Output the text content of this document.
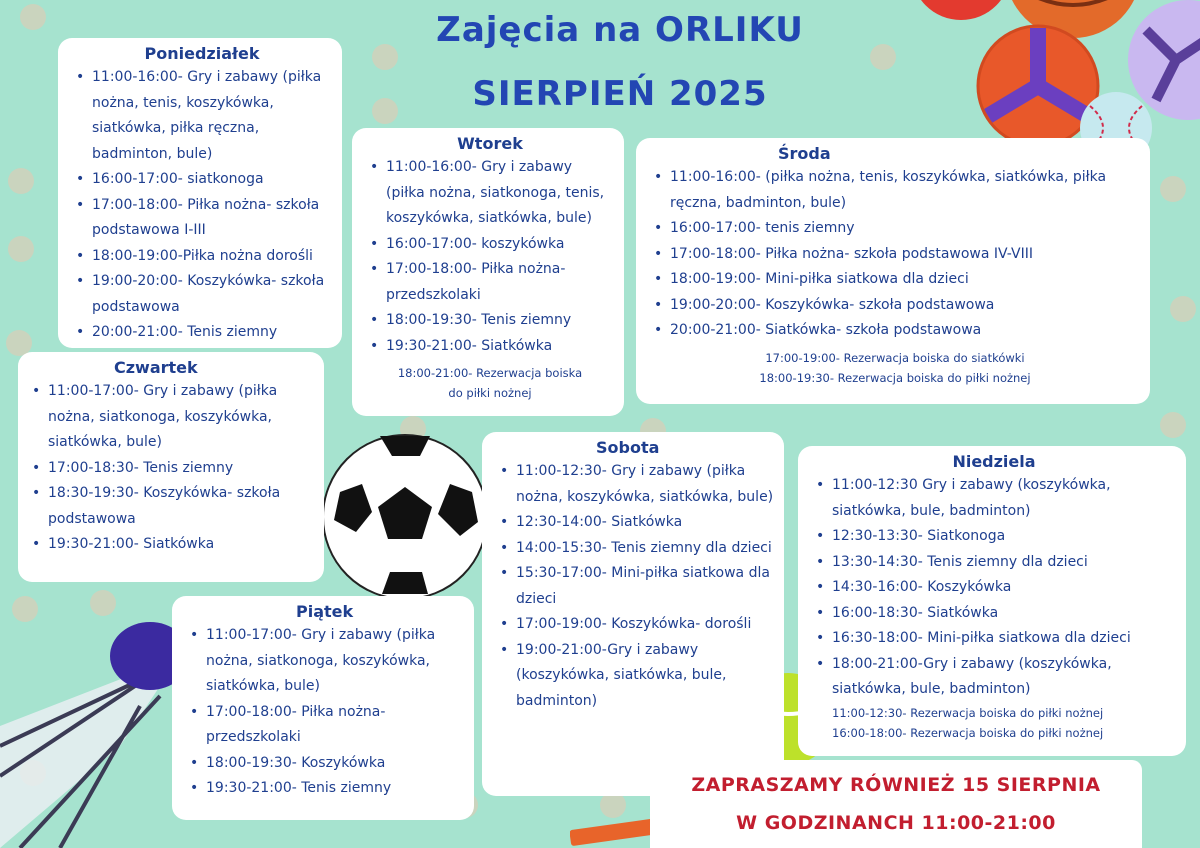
Zajęcia na ORLIKU
SIERPIEŃ 2025
Poniedziałek
• 11:00-16:00- Gry i zabawy (piłka nożna, tenis, koszykówka, siatkówka, piłka ręczna, badminton, bule)
• 16:00-17:00- siatkonoga
• 17:00-18:00- Piłka nożna- szkoła podstawowa I-III
• 18:00-19:00-Piłka nożna dorośli
• 19:00-20:00- Koszykówka- szkoła podstawowa
• 20:00-21:00- Tenis ziemny
Wtorek
• 11:00-16:00- Gry i zabawy (piłka nożna, siatkonoga, tenis, koszykówka, siatkówka, bule)
• 16:00-17:00- koszykówka
• 17:00-18:00- Piłka nożna- przedszkolaki
• 18:00-19:30- Tenis ziemny
• 19:30-21:00- Siatkówka
18:00-21:00- Rezerwacja boiska
do piłki nożnej
Środa
• 11:00-16:00- (piłka nożna, tenis, koszykówka, siatkówka, piłka ręczna, badminton, bule)
• 16:00-17:00- tenis ziemny
• 17:00-18:00- Piłka nożna- szkoła podstawowa IV-VIII
• 18:00-19:00- Mini-piłka siatkowa dla dzieci
• 19:00-20:00- Koszykówka- szkoła podstawowa
• 20:00-21:00- Siatkówka- szkoła podstawowa
17:00-19:00- Rezerwacja boiska do siatkówki
18:00-19:30- Rezerwacja boiska do piłki nożnej
Czwartek
• 11:00-17:00- Gry i zabawy (piłka nożna, siatkonoga, koszykówka, siatkówka, bule)
• 17:00-18:30- Tenis ziemny
• 18:30-19:30- Koszykówka- szkoła podstawowa
• 19:30-21:00- Siatkówka
Piątek
• 11:00-17:00- Gry i zabawy (piłka nożna, siatkonoga, koszykówka, siatkówka, bule)
• 17:00-18:00- Piłka nożna- przedszkolaki
• 18:00-19:30- Koszykówka
• 19:30-21:00- Tenis ziemny
Sobota
• 11:00-12:30- Gry i zabawy (piłka nożna, koszykówka, siatkówka, bule)
• 12:30-14:00- Siatkówka
• 14:00-15:30- Tenis ziemny dla dzieci
• 15:30-17:00- Mini-piłka siatkowa dla dzieci
• 17:00-19:00- Koszykówka- dorośli
• 19:00-21:00-Gry i zabawy (koszykówka, siatkówka, bule, badminton)
Niedziela
• 11:00-12:30 Gry i zabawy (koszykówka, siatkówka, bule, badminton)
• 12:30-13:30- Siatkonoga
• 13:30-14:30- Tenis ziemny dla dzieci
• 14:30-16:00- Koszykówka
• 16:00-18:30- Siatkówka
• 16:30-18:00- Mini-piłka siatkowa dla dzieci
• 18:00-21:00-Gry i zabawy (koszykówka, siatkówka, bule, badminton)
11:00-12:30- Rezerwacja boiska do piłki nożnej
16:00-18:00- Rezerwacja boiska do piłki nożnej
ZAPRASZAMY RÓWNIEŻ 15 SIERPNIA
W GODZINANCH 11:00-21:00
